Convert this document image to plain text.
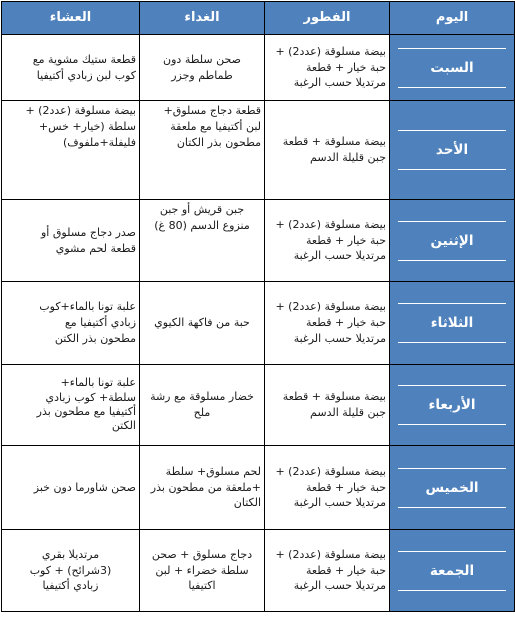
اليوم	الفطور	الغداء	العشاء

السبت	بيضة مسلوقة (عدد2) +
حبة خيار + قطعة
مرتديلا حسب الرغبة	صحن سلطة دون
طماطم وجزر	قطعة ستيك مشوية مع
كوب لبن زبادي أكتيفيا

الأحد	بيضة مسلوقة + قطعة
جبن قليلة الدسم	قطعة دجاج مسلوق+
لبن أكتيفيا مع ملعقة
مطحون بذر الكتان	بيضة مسلوقة (عدد2) +
سلطة (خيار+ خس+
فليفلة+ملفوف)

الإثنين	بيضة مسلوقة (عدد2) +
حبة خيار + قطعة
مرتديلا حسب الرغبة	جبن قريش أو جبن
منزوع الدسم (80 غ)	صدر دجاج مسلوق أو
قطعة لحم مشوي

الثلاثاء	بيضة مسلوقة (عدد2) +
حبة خيار + قطعة
مرتديلا حسب الرغبة	حبة من فاكهة الكيوي	علبة تونا بالماء+كوب
زبادي أكتيفيا مع
مطحون بذر الكتن

الأربعاء	بيضة مسلوقة + قطعة
جبن قليلة الدسم	خضار مسلوقة مع رشة
ملح	علبة تونا بالماء+
سلطة+ كوب زبادي
أكتيفيا مع مطحون بذر
الكتن

الخميس	بيضة مسلوقة (عدد2) +
حبة خيار + قطعة
مرتديلا حسب الرغبة	لحم مسلوق+ سلطة
+ملعقة من مطحون بذر
الكتان	صحن شاورما دون خبز

الجمعة	بيضة مسلوقة (عدد2) +
حبة خيار + قطعة
مرتديلا حسب الرغبة	دجاج مسلوق + صحن
سلطة خضراء + لبن
اكتيفيا	مرتديلا بقري
(3شرائح) + كوب
زبادي أكتيفيا
